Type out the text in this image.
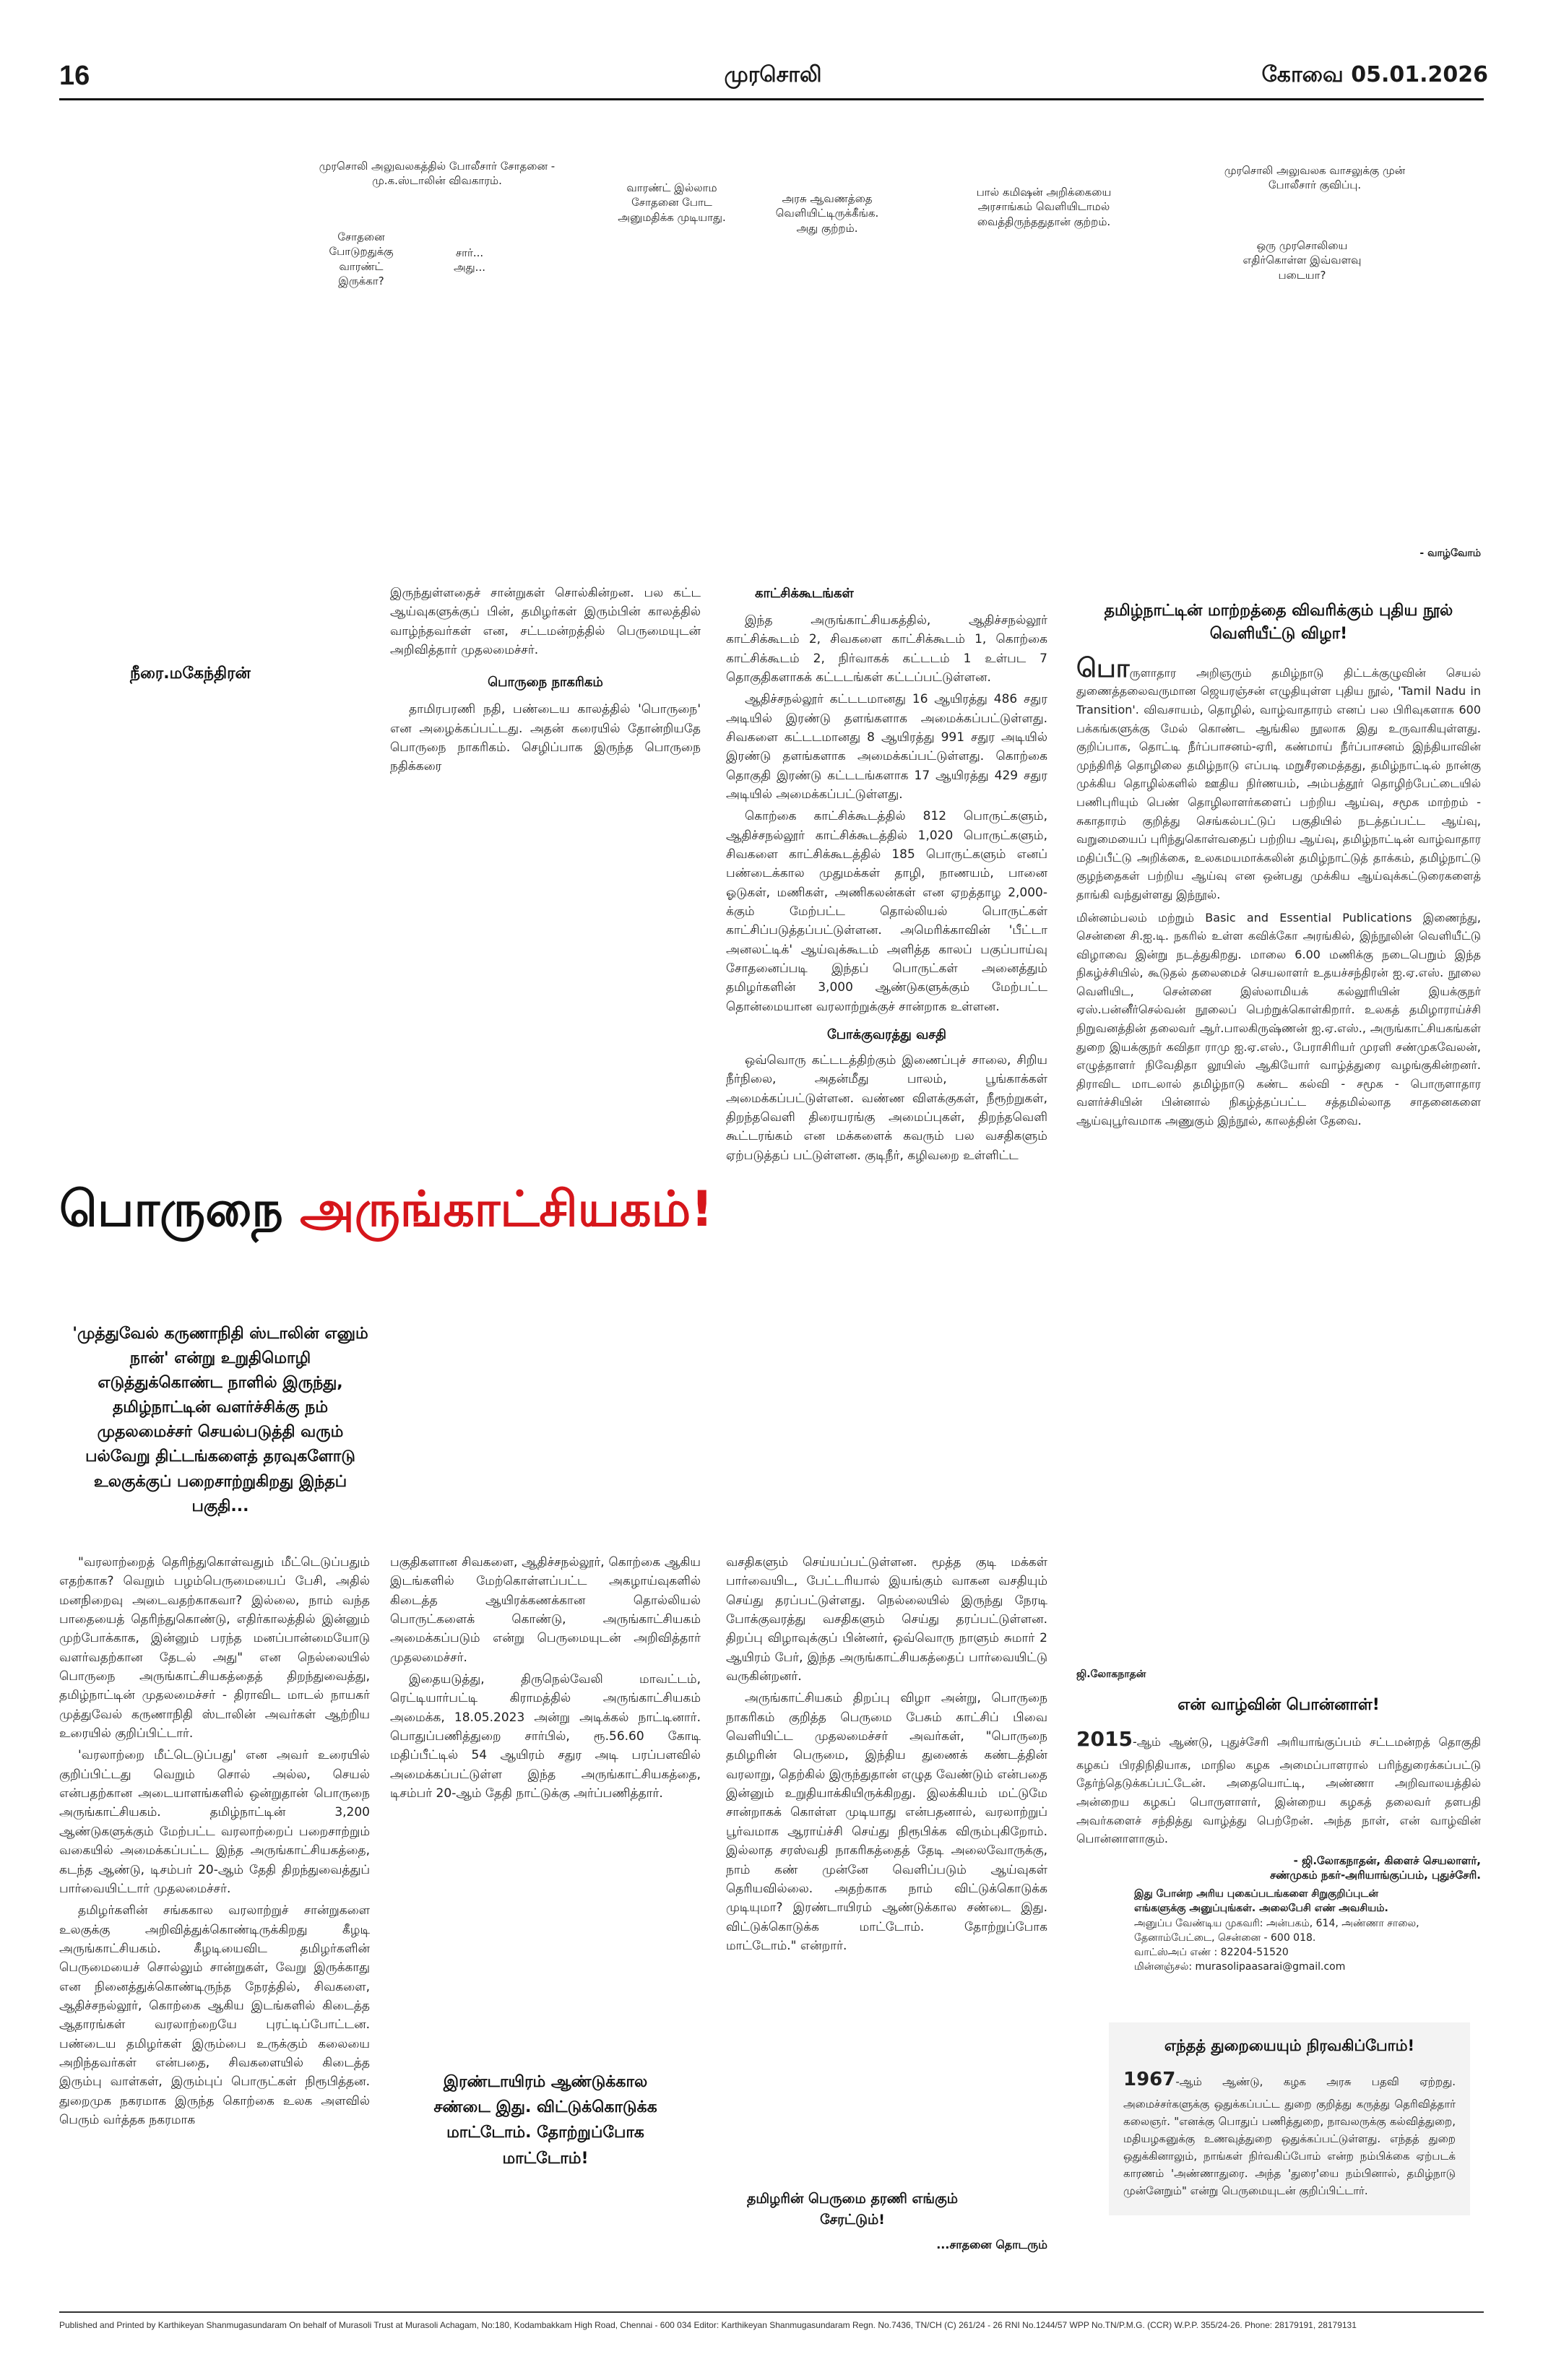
16	முரசொலி	கோவை 05.01.2026
முரசொலி அலுவலகத்தில் போலீசார் சோதனை - மு.க.ஸ்டாலின் விவகாரம்.
சோதனை போடுறதுக்கு வாரண்ட் இருக்கா?
சார்... அது...
வாரண்ட் இல்லாம சோதனை போட அனுமதிக்க முடியாது.
அரசு ஆவணத்தை வெளியிட்டிருக்கீங்க. அது குற்றம்.
பால் கமிஷன் அறிக்கையை அரசாங்கம் வெளியிடாமல் வைத்திருந்ததுதான் குற்றம்.
முரசொலி அலுவலக வாசலுக்கு முன் போலீசார் குவிப்பு.
ஒரு முரசொலியை எதிர்கொள்ள இவ்வளவு படையா?
- வாழ்வோம்
நீரை.மகேந்திரன்

இருந்துள்ளதைச் சான்றுகள் சொல்கின்றன. பல கட்ட ஆய்வுகளுக்குப் பின், தமிழர்கள் இரும்பின் காலத்தில் வாழ்ந்தவர்கள் என, சட்டமன்றத்தில் பெருமையுடன் அறிவித்தார் முதலமைச்சர்.

பொருநை நாகரிகம்

தாமிரபரணி நதி, பண்டைய காலத்தில் 'பொருநை' என அழைக்கப்பட்டது. அதன் கரையில் தோன்றியதே பொருநை நாகரிகம். செழிப்பாக இருந்த பொருநை நதிக்கரை

காட்சிக்கூடங்கள்

இந்த அருங்காட்சியகத்தில், ஆதிச்சநல்லூர் காட்சிக்கூடம் 2, சிவகளை காட்சிக்கூடம் 1, கொற்கை காட்சிக்கூடம் 2, நிர்வாகக் கட்டடம் 1 உள்பட 7 தொகுதிகளாகக் கட்டடங்கள் கட்டப்பட்டுள்ளன.

ஆதிச்சநல்லூர் கட்டடமானது 16 ஆயிரத்து 486 சதுர அடியில் இரண்டு தளங்களாக அமைக்கப்பட்டுள்ளது. சிவகளை கட்டடமானது 8 ஆயிரத்து 991 சதுர அடியில் இரண்டு தளங்களாக அமைக்கப்பட்டுள்ளது. கொற்கை தொகுதி இரண்டு கட்டடங்களாக 17 ஆயிரத்து 429 சதுர அடியில் அமைக்கப்பட்டுள்ளது.

கொற்கை காட்சிக்கூடத்தில் 812 பொருட்களும், ஆதிச்சநல்லூர் காட்சிக்கூடத்தில் 1,020 பொருட்களும், சிவகளை காட்சிக்கூடத்தில் 185 பொருட்களும் எனப் பண்டைக்கால முதுமக்கள் தாழி, நாணயம், பானை ஓடுகள், மணிகள், அணிகலன்கள் என ஏறத்தாழ 2,000-க்கும் மேற்பட்ட தொல்லியல் பொருட்கள் காட்சிப்படுத்தப்பட்டுள்ளன. அமெரிக்காவின் 'பீட்டா அனலட்டிக்' ஆய்வுக்கூடம் அளித்த காலப் பகுப்பாய்வு சோதனைப்படி இந்தப் பொருட்கள் அனைத்தும் தமிழர்களின் 3,000 ஆண்டுகளுக்கும் மேற்பட்ட தொன்மையான வரலாற்றுக்குச் சான்றாக உள்ளன.

போக்குவரத்து வசதி

ஒவ்வொரு கட்டடத்திற்கும் இணைப்புச் சாலை, சிறிய நீர்நிலை, அதன்மீது பாலம், பூங்காக்கள் அமைக்கப்பட்டுள்ளன. வண்ண விளக்குகள், நீரூற்றுகள், திறந்தவெளி திரையரங்கு அமைப்புகள், திறந்தவெளி கூட்டரங்கம் என மக்களைக் கவரும் பல வசதிகளும் ஏற்படுத்தப் பட்டுள்ளன. குடிநீர், கழிவறை உள்ளிட்ட

பொருநை அருங்காட்சியகம்!
'முத்துவேல் கருணாநிதி ஸ்டாலின் எனும் நான்' என்று உறுதிமொழி எடுத்துக்கொண்ட நாளில் இருந்து, தமிழ்நாட்டின் வளர்ச்சிக்கு நம் முதலமைச்சர் செயல்படுத்தி வரும் பல்வேறு திட்டங்களைத் தரவுகளோடு உலகுக்குப் பறைசாற்றுகிறது இந்தப் பகுதி...

"வரலாற்றைத் தெரிந்துகொள்வதும் மீட்டெடுப்பதும் எதற்காக? வெறும் பழம்பெருமையைப் பேசி, அதில் மனநிறைவு அடைவதற்காகவா? இல்லை, நாம் வந்த பாதையைத் தெரிந்துகொண்டு, எதிர்காலத்தில் இன்னும் முற்போக்காக, இன்னும் பரந்த மனப்பான்மையோடு வளர்வதற்கான தேடல் அது" என நெல்லையில் பொருநை அருங்காட்சியகத்தைத் திறந்துவைத்து, தமிழ்நாட்டின் முதலமைச்சர் - திராவிட மாடல் நாயகர் முத்துவேல் கருணாநிதி ஸ்டாலின் அவர்கள் ஆற்றிய உரையில் குறிப்பிட்டார்.

'வரலாற்றை மீட்டெடுப்பது' என அவர் உரையில் குறிப்பிட்டது வெறும் சொல் அல்ல, செயல் என்பதற்கான அடையாளங்களில் ஒன்றுதான் பொருநை அருங்காட்சியகம். தமிழ்நாட்டின் 3,200 ஆண்டுகளுக்கும் மேற்பட்ட வரலாற்றைப் பறைசாற்றும் வகையில் அமைக்கப்பட்ட இந்த அருங்காட்சியகத்தை, கடந்த ஆண்டு, டிசம்பர் 20-ஆம் தேதி திறந்துவைத்துப் பார்வையிட்டார் முதலமைச்சர்.

தமிழர்களின் சங்ககால வரலாற்றுச் சான்றுகளை உலகுக்கு அறிவித்துக்கொண்டிருக்கிறது கீழடி அருங்காட்சியகம். கீழடியைவிட தமிழர்களின் பெருமையைச் சொல்லும் சான்றுகள், வேறு இருக்காது என நினைத்துக்கொண்டிருந்த நேரத்தில், சிவகளை, ஆதிச்சநல்லூர், கொற்கை ஆகிய இடங்களில் கிடைத்த ஆதாரங்கள் வரலாற்றையே புரட்டிப்போட்டன. பண்டைய தமிழர்கள் இரும்பை உருக்கும் கலையை அறிந்தவர்கள் என்பதை, சிவகளையில் கிடைத்த இரும்பு வாள்கள், இரும்புப் பொருட்கள் நிரூபித்தன. துறைமுக நகரமாக இருந்த கொற்கை உலக அளவில் பெரும் வர்த்தக நகரமாக

பகுதிகளான சிவகளை, ஆதிச்சநல்லூர், கொற்கை ஆகிய இடங்களில் மேற்கொள்ளப்பட்ட அகழாய்வுகளில் கிடைத்த ஆயிரக்கணக்கான தொல்லியல் பொருட்களைக் கொண்டு, அருங்காட்சியகம் அமைக்கப்படும் என்று பெருமையுடன் அறிவித்தார் முதலமைச்சர்.

இதையடுத்து, திருநெல்வேலி மாவட்டம், ரெட்டியார்பட்டி கிராமத்தில் அருங்காட்சியகம் அமைக்க, 18.05.2023 அன்று அடிக்கல் நாட்டினார். பொதுப்பணித்துறை சார்பில், ரூ.56.60 கோடி மதிப்பீட்டில் 54 ஆயிரம் சதுர அடி பரப்பளவில் அமைக்கப்பட்டுள்ள இந்த அருங்காட்சியகத்தை, டிசம்பர் 20-ஆம் தேதி நாட்டுக்கு அர்ப்பணித்தார்.

இரண்டாயிரம் ஆண்டுக்கால சண்டை இது. விட்டுக்கொடுக்க மாட்டோம். தோற்றுப்போக மாட்டோம்!

வசதிகளும் செய்யப்பட்டுள்ளன. மூத்த குடி மக்கள் பார்வையிட, பேட்டரியால் இயங்கும் வாகன வசதியும் செய்து தரப்பட்டுள்ளது. நெல்லையில் இருந்து நேரடி போக்குவரத்து வசதிகளும் செய்து தரப்பட்டுள்ளன. திறப்பு விழாவுக்குப் பின்னர், ஒவ்வொரு நாளும் சுமார் 2 ஆயிரம் பேர், இந்த அருங்காட்சியகத்தைப் பார்வையிட்டு வருகின்றனர்.

அருங்காட்சியகம் திறப்பு விழா அன்று, பொருநை நாகரிகம் குறித்த பெருமை பேசும் காட்சிப் பிவை வெளியிட்ட முதலமைச்சர் அவர்கள், "பொருநை தமிழரின் பெருமை, இந்திய துணைக் கண்டத்தின் வரலாறு, தெற்கில் இருந்துதான் எழுத வேண்டும் என்பதை இன்னும் உறுதியாக்கியிருக்கிறது. இலக்கியம் மட்டுமே சான்றாகக் கொள்ள முடியாது என்பதனால், வரலாற்றுப் பூர்வமாக ஆராய்ச்சி செய்து நிரூபிக்க விரும்புகிறோம். இல்லாத சரஸ்வதி நாகரிகத்தைத் தேடி அலைவோருக்கு, நாம் கண் முன்னே வெளிப்படும் ஆய்வுகள் தெரியவில்லை. அதற்காக நாம் விட்டுக்கொடுக்க முடியுமா? இரண்டாயிரம் ஆண்டுக்கால சண்டை இது. விட்டுக்கொடுக்க மாட்டோம். தோற்றுப்போக மாட்டோம்." என்றார்.

தமிழரின் பெருமை தரணி எங்கும் சேரட்டும்!
...சாதனை தொடரும்
தமிழ்நாட்டின் மாற்றத்தை விவரிக்கும் புதிய நூல் வெளியீட்டு விழா!

பொருளாதார அறிஞரும் தமிழ்நாடு திட்டக்குழுவின் செயல் துணைத்தலைவருமான ஜெயரஞ்சன் எழுதியுள்ள புதிய நூல், 'Tamil Nadu in Transition'. விவசாயம், தொழில், வாழ்வாதாரம் எனப் பல பிரிவுகளாக 600 பக்கங்களுக்கு மேல் கொண்ட ஆங்கில நூலாக இது உருவாகியுள்ளது. குறிப்பாக, தொட்டி நீர்ப்பாசனம்-ஏரி, கண்மாய் நீர்ப்பாசனம் இந்தியாவின் முந்திரித் தொழிலை தமிழ்நாடு எப்படி மறுசீரமைத்தது, தமிழ்நாட்டில் நான்கு முக்கிய தொழில்களில் ஊதிய நிர்ணயம், அம்பத்தூர் தொழிற்பேட்டையில் பணிபுரியும் பெண் தொழிலாளர்களைப் பற்றிய ஆய்வு, சமூக மாற்றம் - சுகாதாரம் குறித்து செங்கல்பட்டுப் பகுதியில் நடத்தப்பட்ட ஆய்வு, வறுமையைப் புரிந்துகொள்வதைப் பற்றிய ஆய்வு, தமிழ்நாட்டின் வாழ்வாதார மதிப்பீட்டு அறிக்கை, உலகமயமாக்கலின் தமிழ்நாட்டுத் தாக்கம், தமிழ்நாட்டு குழந்தைகள் பற்றிய ஆய்வு என ஒன்பது முக்கிய ஆய்வுக்கட்டுரைகளைத் தாங்கி வந்துள்ளது இந்நூல்.

மின்னம்பலம் மற்றும் Basic and Essential Publications இணைந்து, சென்னை சி.ஐ.டி. நகரில் உள்ள கவிக்கோ அரங்கில், இந்நூலின் வெளியீட்டு விழாவை இன்று நடத்துகிறது. மாலை 6.00 மணிக்கு நடைபெறும் இந்த நிகழ்ச்சியில், கூடுதல் தலைமைச் செயலாளர் உதயச்சந்திரன் ஐ.ஏ.எஸ். நூலை வெளியிட, சென்னை இஸ்லாமியக் கல்லூரியின் இயக்குநர் ஏஸ்.பன்னீர்செல்வன் நூலைப் பெற்றுக்கொள்கிறார். உலகத் தமிழாராய்ச்சி நிறுவனத்தின் தலைவர் ஆர்.பாலகிருஷ்ணன் ஐ.ஏ.எஸ்., அருங்காட்சியகங்கள் துறை இயக்குநர் கவிதா ராமு ஐ.ஏ.எஸ்., பேராசிரியர் முரளி சண்முகவேலன், எழுத்தாளர் நிவேதிதா லூயிஸ் ஆகியோர் வாழ்த்துரை வழங்குகின்றனர். திராவிட மாடலால் தமிழ்நாடு கண்ட கல்வி - சமூக - பொருளாதார வளர்ச்சியின் பின்னால் நிகழ்த்தப்பட்ட சத்தமில்லாத சாதனைகளை ஆய்வுபூர்வமாக அணுகும் இந்நூல், காலத்தின் தேவை.

ஜி.லோகநாதன்
என் வாழ்வின் பொன்னாள்!

2015-ஆம் ஆண்டு, புதுச்சேரி அரியாங்குப்பம் சட்டமன்றத் தொகுதி கழகப் பிரதிநிதியாக, மாநில கழக அமைப்பாளரால் பரிந்துரைக்கப்பட்டு தேர்ந்தெடுக்கப்பட்டேன். அதையொட்டி, அண்ணா அறிவாலயத்தில் அன்றைய கழகப் பொருளாளர், இன்றைய கழகத் தலைவர் தளபதி அவர்களைச் சந்தித்து வாழ்த்து பெற்றேன். அந்த நாள், என் வாழ்வின் பொன்னாளாகும்.

- ஜி.லோகநாதன், கிளைச் செயலாளர்,
சண்முகம் நகர்-அரியாங்குப்பம், புதுச்சேரி.
இது போன்ற அரிய புகைப்படங்களை சிறுகுறிப்புடன்
எங்களுக்கு அனுப்புங்கள். அலைபேசி எண் அவசியம்.
அனுப்ப வேண்டிய முகவரி: அன்பகம், 614, அண்ணா சாலை,
தேனாம்பேட்டை, சென்னை - 600 018.
வாட்ஸ்அப் எண் : 82204-51520
மின்னஞ்சல்: murasolipaasarai@gmail.com
எந்தத் துறையையும் நிரவகிப்போம்!

1967-ஆம் ஆண்டு, கழக அரசு பதவி ஏற்றது. அமைச்சர்களுக்கு ஒதுக்கப்பட்ட துறை குறித்து கருத்து தெரிவித்தார் கலைஞர். "எனக்கு பொதுப் பணித்துறை, நாவலருக்கு கல்வித்துறை, மதியழகனுக்கு உணவுத்துறை ஒதுக்கப்பட்டுள்ளது. எந்தத் துறை ஒதுக்கினாலும், நாங்கள் நிர்வகிப்போம் என்ற நம்பிக்கை ஏற்படக் காரணம் 'அண்ணாதுரை. அந்த 'துரை'யை நம்பினால், தமிழ்நாடு முன்னேறும்" என்று பெருமையுடன் குறிப்பிட்டார்.

Published and Printed by Karthikeyan Shanmugasundaram On behalf of Murasoli Trust at Murasoli Achagam, No:180, Kodambakkam High Road, Chennai - 600 034 Editor: Karthikeyan Shanmugasundaram Regn. No.7436, TN/CH (C) 261/24 - 26 RNI No.1244/57 WPP No.TN/P.M.G. (CCR) W.P.P. 355/24-26. Phone: 28179191, 28179131
